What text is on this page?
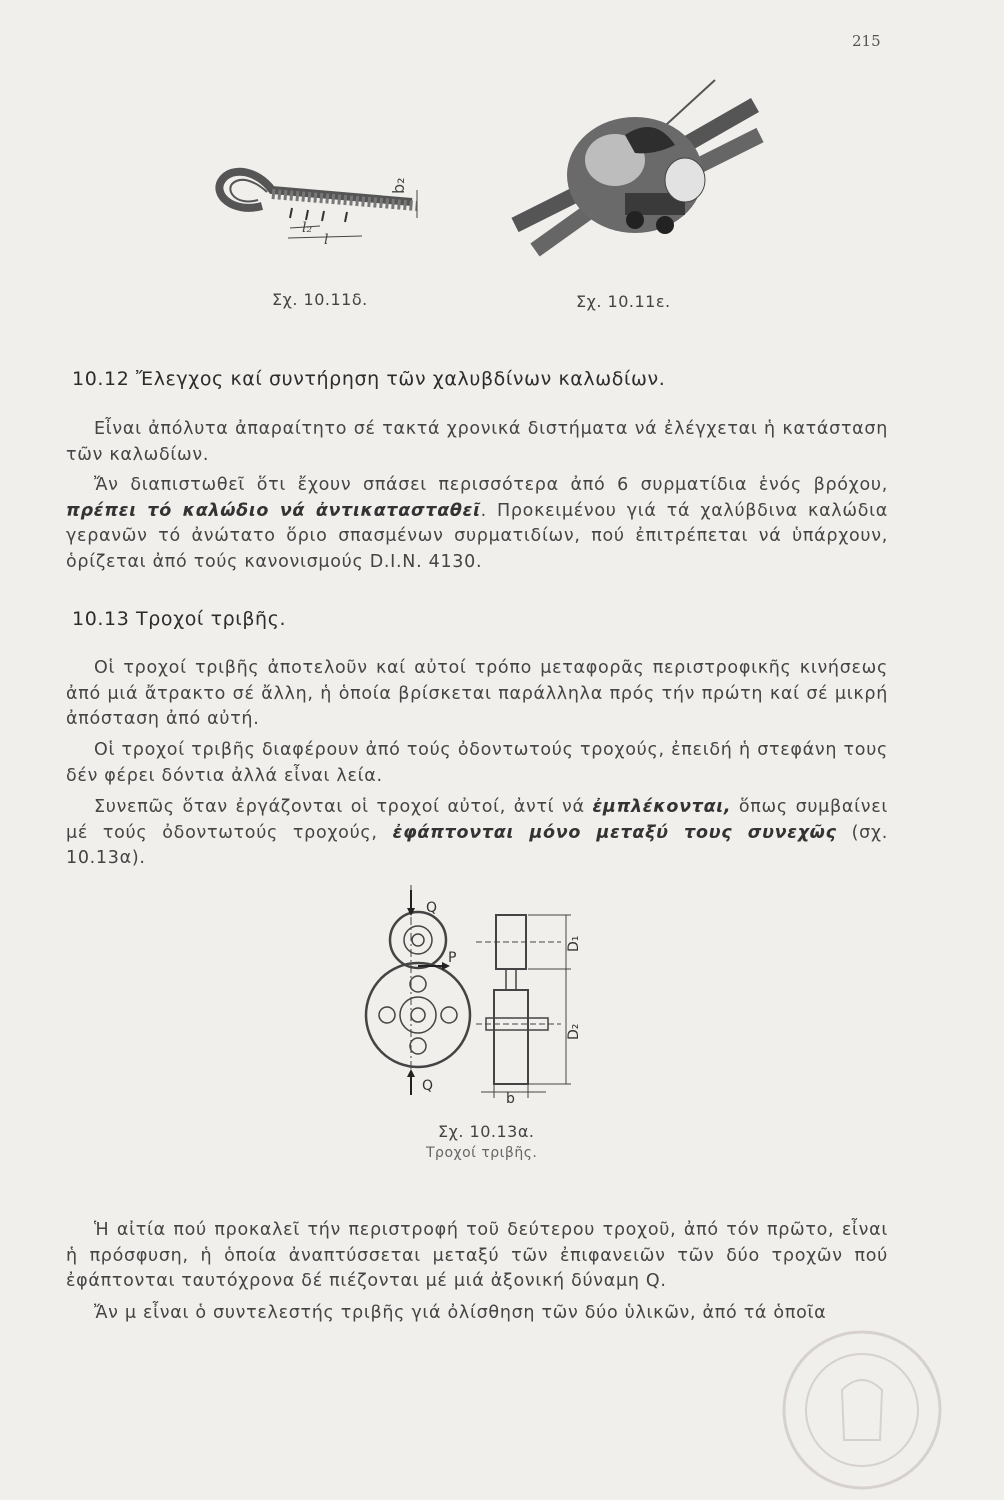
215
b₂
l₂
l
Σχ. 10.11δ.	Σχ. 10.11ε.
10.12 Ἔλεγχος καί συντήρηση τῶν χαλυβδίνων καλωδίων.

Εἶναι ἀπόλυτα ἀπαραίτητο σέ τακτά χρονικά διστήματα νά ἐλέγχεται ἡ κατάσταση τῶν καλωδίων.

Ἄν διαπιστωθεῖ ὅτι ἔχουν σπάσει περισσότερα ἀπό 6 συρματίδια ἑνός βρόχου, πρέπει τό καλώδιο νά ἀντικατασταθεῖ. Προκειμένου γιά τά χαλύβδινα καλώδια γερανῶν τό ἀνώτατο ὅριο σπασμένων συρματιδίων, πού ἐπιτρέπεται νά ὑπάρχουν, ὁρίζεται ἀπό τούς κανονισμούς D.I.N. 4130.

10.13 Τροχοί τριβῆς.

Οἱ τροχοί τριβῆς ἀποτελοῦν καί αὐτοί τρόπο μεταφορᾶς περιστροφικῆς κινήσεως ἀπό μιά ἄτρακτο σέ ἄλλη, ἡ ὁποία βρίσκεται παράλληλα πρός τήν πρώτη καί σέ μικρή ἀπόσταση ἀπό αὐτή.

Οἱ τροχοί τριβῆς διαφέρουν ἀπό τούς ὀδοντωτούς τροχούς, ἐπειδή ἡ στεφάνη τους δέν φέρει δόντια ἀλλά εἶναι λεία.

Συνεπῶς ὅταν ἐργάζονται οἱ τροχοί αὐτοί, ἀντί νά ἐμπλέκονται, ὅπως συμβαίνει μέ τούς ὀδοντωτούς τροχούς, ἐφάπτονται μόνο μεταξύ τους συνεχῶς (σχ. 10.13α).

Q
P
Q
D₁
D₂
b
Σχ. 10.13α.
Τροχοί τριβῆς.

Ἡ αἰτία πού προκαλεῖ τήν περιστροφή τοῦ δεύτερου τροχοῦ, ἀπό τόν πρῶτο, εἶναι ἡ πρόσφυση, ἡ ὁποία ἀναπτύσσεται μεταξύ τῶν ἐπιφανειῶν τῶν δύο τροχῶν πού ἐφάπτονται ταυτόχρονα δέ πιέζονται μέ μιά ἀξονική δύναμη Q.

Ἄν μ εἶναι ὁ συντελεστής τριβῆς γιά ὀλίσθηση τῶν δύο ὑλικῶν, ἀπό τά ὁποῖα
